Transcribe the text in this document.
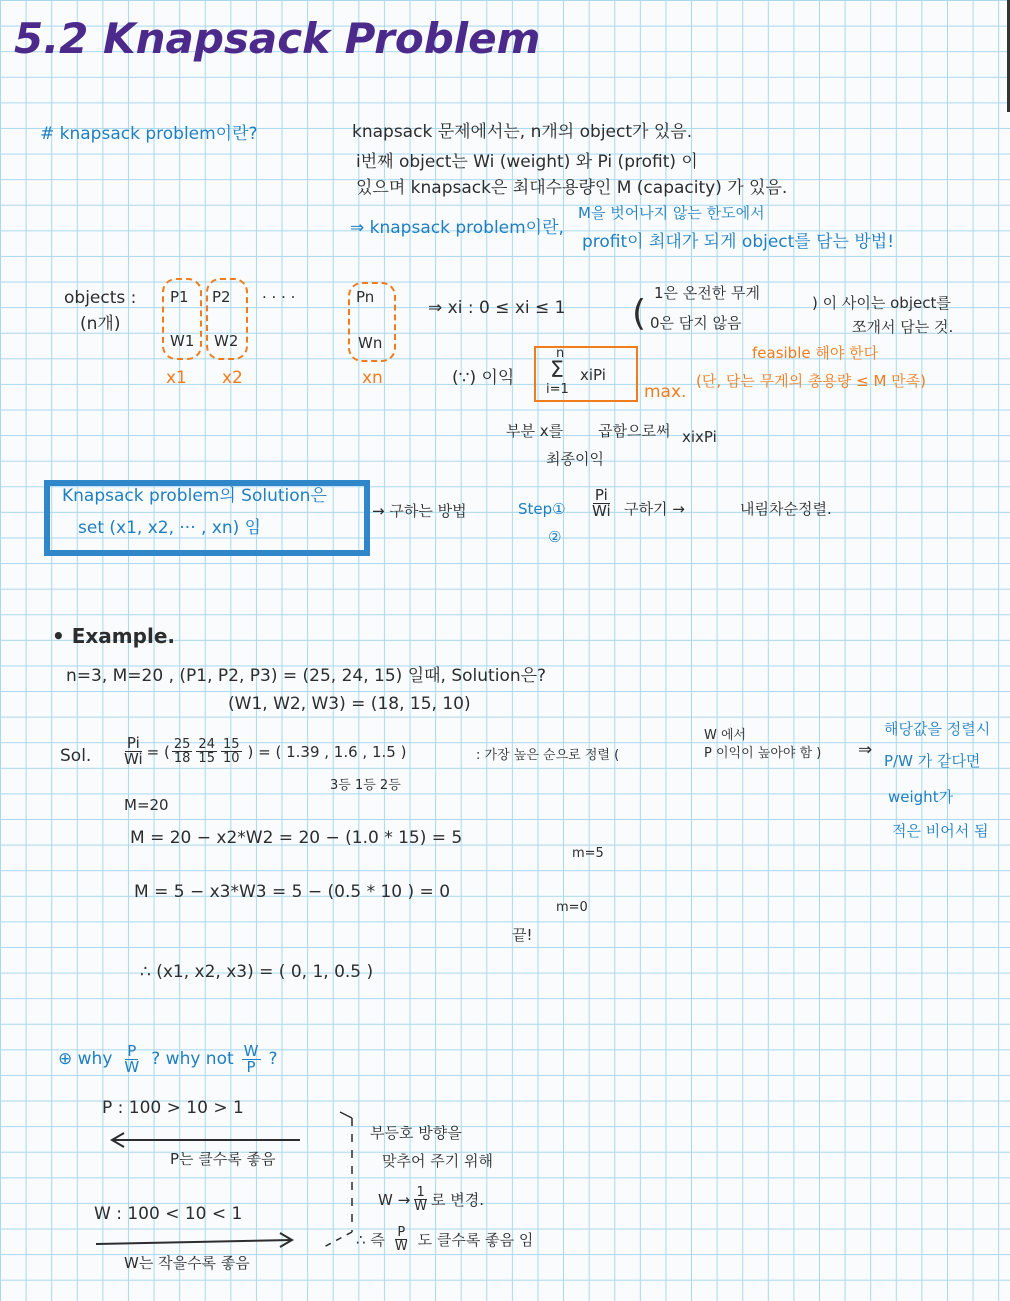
5.2 Knapsack Problem
# knapsack problem이란?	knapsack 문제에서는, n개의 object가 있음.
i번째 object는 Wi (weight) 와 Pi (profit) 이
있으며 knapsack은 최대수용량인 M (capacity) 가 있음.
M을 벗어나지 않는 한도에서
⇒ knapsack problem이란,
profit이 최대가 되게 object를 담는 방법!
objects :
(n개)
P1 P2	Pn
W1 W2	Wn
. . . .
x1 x2	xn
⇒ xi : 0 ≤ xi ≤ 1 ( 1은 온전한 무게
0은 담지 않음
) 이 사이는 object를
쪼개서 담는 것.
feasible 해야 한다
(단, 담는 무게의 총용량 ≤ M 만족)
(∵) 이익
n
Σ
i=1
xiPi
max.
부분 x를 곱함으로써 xixPi
최종이익
Knapsack problem의 Solution은
set (x1, x2, ··· , xn) 임
→ 구하는 방법	Step① $\frac{Pi}{Wi}$ 구하기 →
②
내림차순정렬.
• Example.
n=3, M=20 , (P1, P2, P3) = (25, 24, 15) 일때, Solution은?
(W1, W2, W3) = (18, 15, 10)
Sol. $\frac{Pi}{Wi}$ = ( $\frac{25}{18} \frac{24}{15} \frac{15}{10}$ ) = ( 1.39 , 1.6 , 1.5 )	: 가장 높은 순으로 정렬 (
W 에서
P 이익이 높아야 함 )
3등 1등 2등
⇒
해당값을 정렬시
P/W 가 같다면
weight가
적은 비어서 됨
M=20
M = 20 − x2*W2 = 20 − (1.0 * 15) = 5
m=5
M = 5 − x3*W3 = 5 − (0.5 * 10 ) = 0
m=0
끝!
∴ (x1, x2, x3) = ( 0, 1, 0.5 )
⊕ why $\frac{P}{W}$ ? why not $\frac{W}{P}$ ?
P : 100 > 10 > 1
P는 클수록 좋음
W : 100 < 10 < 1
W는 작을수록 좋음
부등호 방향을
맞추어 주기 위해
$W \to \frac{1}{W}$ 로 변경.
∴ 즉 $\frac{P}{W}$ 도 클수록 좋음 임
